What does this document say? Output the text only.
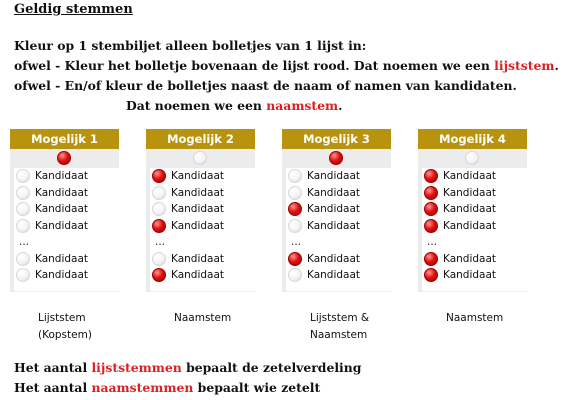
Geldig stemmen
Kleur op 1 stembiljet alleen bolletjes van 1 lijst in:
ofwel - Kleur het bolletje bovenaan de lijst rood. Dat noemen we een lijststem.
ofwel - En/of kleur de bolletjes naast de naam of namen van kandidaten.
Dat noemen we een naamstem.
Mogelijk 1
Kandidaat
Kandidaat
Kandidaat
Kandidaat
...
Kandidaat
Kandidaat
Lijststem
(Kopstem)
Mogelijk 2
Kandidaat
Kandidaat
Kandidaat
Kandidaat
...
Kandidaat
Kandidaat
Naamstem
Mogelijk 3
Kandidaat
Kandidaat
Kandidaat
Kandidaat
...
Kandidaat
Kandidaat
Lijststem &
Naamstem
Mogelijk 4
Kandidaat
Kandidaat
Kandidaat
Kandidaat
...
Kandidaat
Kandidaat
Naamstem
Het aantal lijststemmen bepaalt de zetelverdeling
Het aantal naamstemmen bepaalt wie zetelt
